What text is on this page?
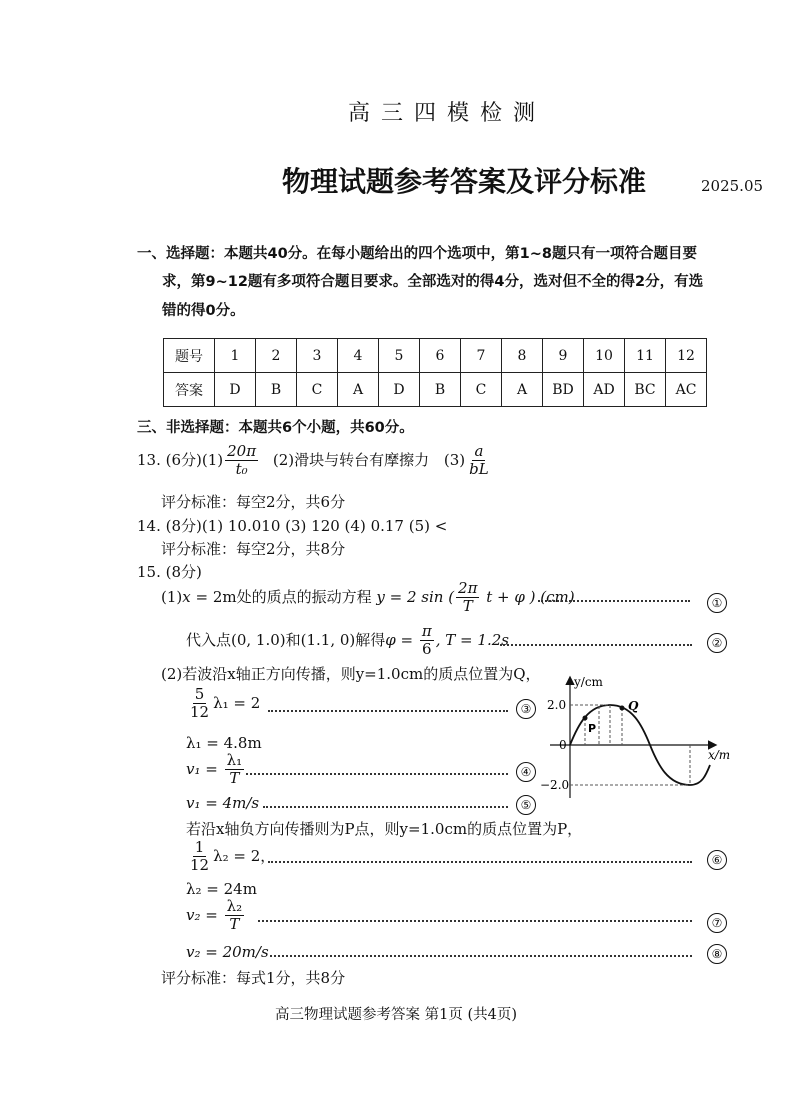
高 三 四 模 检 测
物理试题参考答案及评分标准	2025.05
一、选择题：本题共40分。在每小题给出的四个选项中，第1~8题只有一项符合题目要
求，第9~12题有多项符合题目要求。全部选对的得4分，选对但不全的得2分，有选
错的得0分。
题号	1	2	3	4	5	6	7	8	9	10	11	12
答案	D	B	C	A	D	B	C	A	BD	AD	BC	AC
三、非选择题：本题共6个小题，共60分。
13. (6分)$(1) \frac{20\pi}{\text{t₀}} (2)$滑块与转台有摩擦力 $(3) \frac{a}{bL}$
评分标准：每空2分，共6分
14. (8分)(1) 10.010 (3) 120 (4) 0.17 (5) <
评分标准：每空2分，共8分
15. (8分)
(1)x = 2m处的质点的振动方程 y = 2 sin ( $\frac{2\pi}{T}$ t + φ ) (cm)	①
代入点(0, 1.0)和(1.1, 0)解得$\varphi = \frac{\pi}{6}$ , T = 1.2s	②
(2)若波沿x轴正方向传播，则y=1.0cm的质点位置为Q，
$\frac{5}{12} \lambda_1 = 2$	③
λ₁ = 4.8m
$v_1 = \frac{\text{λ₁}}{T}$	④
v₁ = 4m/s	⑤
若沿x轴负方向传播则为P点，则y=1.0cm的质点位置为P，
$\frac{1}{12} \lambda_2 = 2$，	⑥
λ₂ = 24m
$v_2 = \frac{\text{λ₂}}{T}$	⑦
v₂ = 20m/s	⑧
评分标准：每式1分，共8分
y/cm
x/m
2.0
−2.0
0
P
Q
高三物理试题参考答案 第1页 (共4页)
